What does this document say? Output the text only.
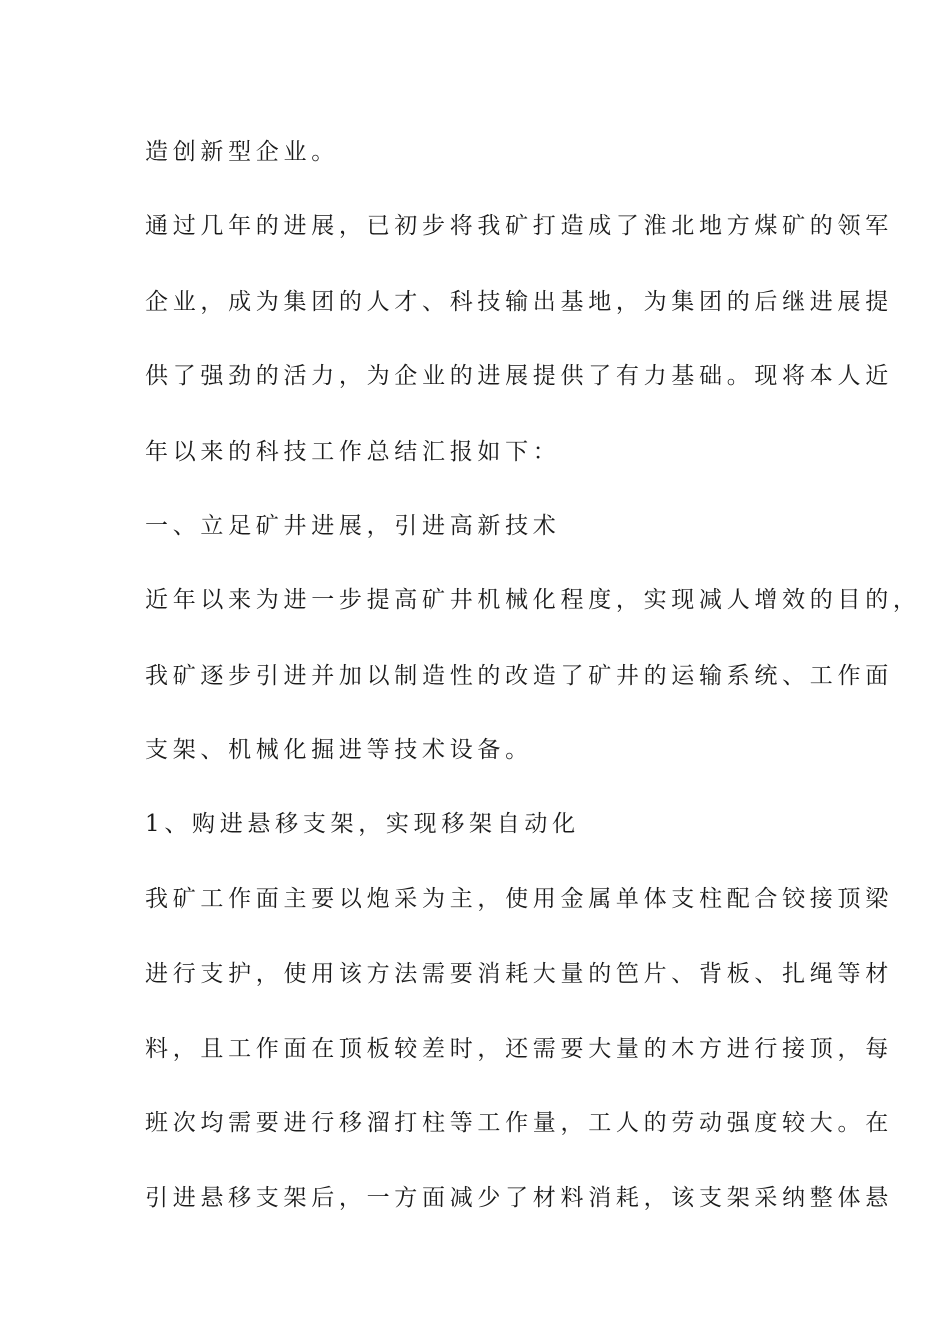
造创新型企业。

通过几年的进展，已初步将我矿打造成了淮北地方煤矿的领军

企业，成为集团的人才、科技输出基地，为集团的后继进展提

供了强劲的活力，为企业的进展提供了有力基础。现将本人近

年以来的科技工作总结汇报如下：

一、立足矿井进展，引进高新技术

近年以来为进一步提高矿井机械化程度，实现减人增效的目的，

我矿逐步引进并加以制造性的改造了矿井的运输系统、工作面

支架、机械化掘进等技术设备。

1、购进悬移支架，实现移架自动化

我矿工作面主要以炮采为主，使用金属单体支柱配合铰接顶梁

进行支护，使用该方法需要消耗大量的笆片、背板、扎绳等材

料，且工作面在顶板较差时，还需要大量的木方进行接顶，每

班次均需要进行移溜打柱等工作量，工人的劳动强度较大。在

引进悬移支架后，一方面减少了材料消耗，该支架采纳整体悬
